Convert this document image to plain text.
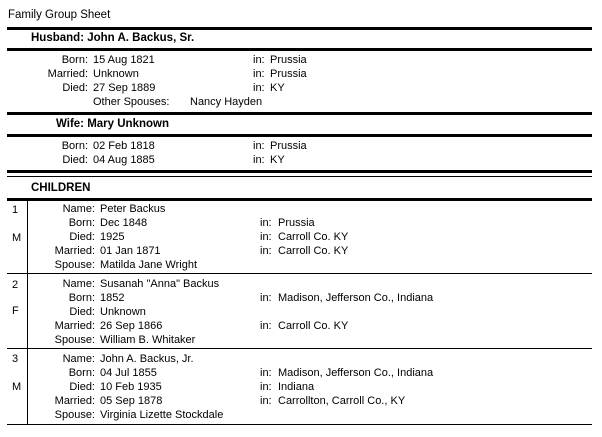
Family Group Sheet
Husband: John A. Backus, Sr.
Born: 15 Aug 1821	in: Prussia
Married: Unknown	in: Prussia
Died: 27 Sep 1889	in: KY
Other Spouses: Nancy Hayden
Wife: Mary Unknown
Born: 02 Feb 1818	in: Prussia
Died: 04 Aug 1885	in: KY
CHILDREN
1
M
Name: Peter Backus
Born: Dec 1848	in: Prussia
Died: 1925	in: Carroll Co. KY
Married: 01 Jan 1871	in: Carroll Co. KY
Spouse: Matilda Jane Wright
2
F
Name: Susanah "Anna" Backus
Born: 1852	in: Madison, Jefferson Co., Indiana
Died: Unknown
Married: 26 Sep 1866	in: Carroll Co. KY
Spouse: William B. Whitaker
3
M
Name: John A. Backus, Jr.
Born: 04 Jul 1855	in: Madison, Jefferson Co., Indiana
Died: 10 Feb 1935	in: Indiana
Married: 05 Sep 1878	in: Carrollton, Carroll Co., KY
Spouse: Virginia Lizette Stockdale
